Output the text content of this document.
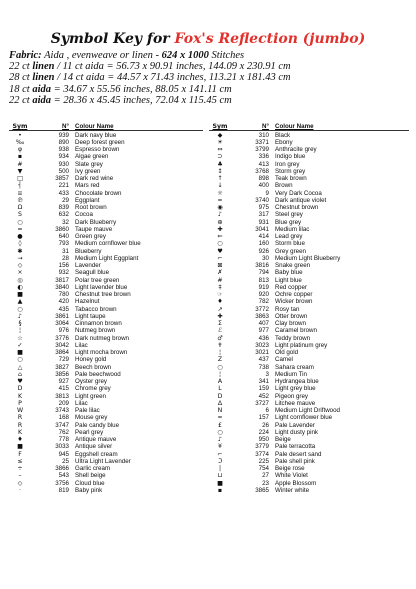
Symbol Key for Fox's Reflection (jumbo)
Fabric: Aida , evenweave or linen - 624 x 1000 Stitches
22 ct linen / 11 ct aida = 56.73 x 90.91 inches, 144.09 x 230.91 cm
28 ct linen / 14 ct aida = 44.57 x 71.43 inches, 113.21 x 181.43 cm
18 ct aida = 34.67 x 55.56 inches, 88.05 x 141.11 cm
22 ct aida = 28.36 x 45.45 inches, 72.04 x 115.45 cm
Sym	N° Colour Name
•	939 Dark navy blue
‰	890 Deep forest green
φ	938 Espresso brown
▪	934 Algae green
#	930 Slate grey
▼	500 Ivy green
□	3857 Dark red wine
┤	221 Mars red
≡	433 Chocolate brown
℗	29 Eggplant
Ω	839 Root brown
S	632 Cocoa
○	32 Dark Blueberry
=	3860 Taupe mauve
●	640 Green grey
◊	793 Medium cornflower blue
✱	31 Blueberry
→	28 Medium Light Eggplant
◇	156 Lavender
×	932 Seagull blue
◎	3817 Polar tree green
◐	3840 Light lavender blue
■	780 Chestnut tree brown
▲	420 Hazelnut
○	435 Tabacco brown
♪	3861 Light taupe
§	3064 Cinnamon brown
¦	976 Nutmeg brown
☆	3776 Dark nutmeg brown
✓	3042 Lilac
■	3864 Light mocha brown
○	729 Honey gold
△	3827 Beech brown
⌂	3856 Pale beechwood
♥	927 Oyster grey
D	415 Chrome grey
K	3813 Light green
P	209 Lilac
W	3743 Pale lilac
R	168 Mouse grey
R	3747 Pale candy blue
K	762 Pearl grey
♦	778 Antique mauve
■	3033 Antique silver
F	945 Eggshell cream
≤	25 Ultra Light Lavender
÷	3866 Garlic cream
–	543 Shell beige
◇	3756 Cloud blue
·	819 Baby pink
Sym	N° Colour Name
◆	310 Black
☀	3371 Ebony
⇔	3799 Anthracite grey
⊃	336 Indigo blue
♣	413 Iron grey
↕	3768 Storm grey
↑	898 Teak brown
↓	400 Brown
☼	9 Very Dark Cocoa
≈	3740 Dark antique violet
◉	975 Chestnut brown
♪	317 Steel grey
⊕	931 Blue grey
✚	3041 Medium lilac
⇐	414 Lead grey
○	160 Storm blue
♥	926 Grey green
⌐	30 Medium Light Blueberry
⊠	3816 Snake green
✗	794 Baby blue
#	813 Light blue
‡	919 Red copper
☞	920 Ochre copper
♦	782 Wicker brown
↗	3772 Rosy tan
✚	3863 Otter brown
Σ	407 Clay brown
ℰ	977 Caramel brown
♂	436 Teddy brown
✝	3023 Light platinum grey
¦	3021 Old gold
Z	437 Camel
○	738 Sahara cream
¦	3 Medium Tin
A	341 Hydrangea blue
L	159 Light grey blue
D	452 Pigeon grey
Δ	3727 Litchee mauve
N	6 Medium Light Driftwood
≈	157 Light cornflower blue
£	26 Pale Lavender
○	224 Light dusty pink
♪	950 Beige
¥	3779 Pale terracotta
⌐	3774 Pale desert sand
ℑ	225 Pale shell pink
|	754 Beige rose
⊔	27 White Violet
■	23 Apple Blossom
▪	3865 Winter white
